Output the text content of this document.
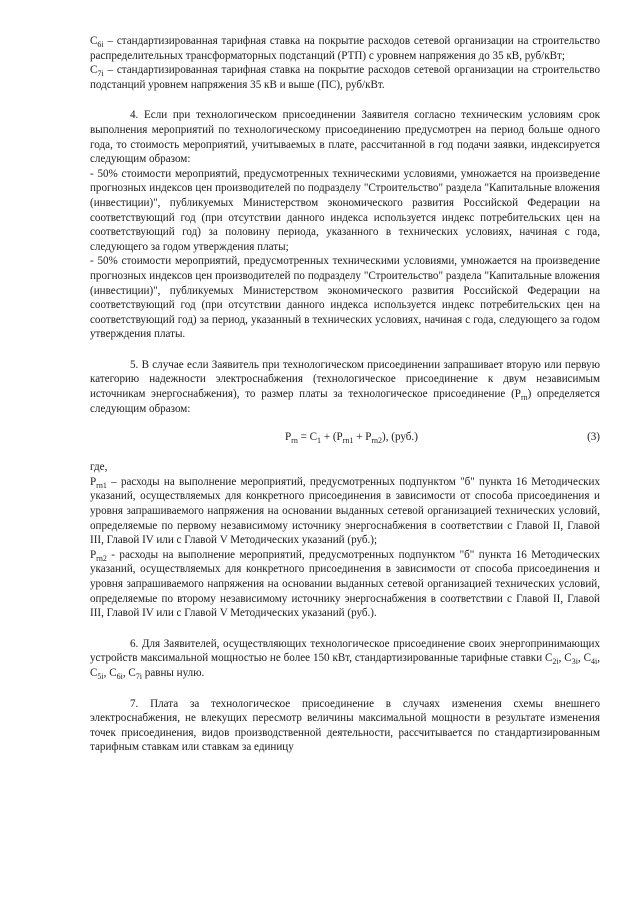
$C_{6i}$ – стандартизированная тарифная ставка на покрытие расходов сетевой организации на строительство распределительных трансформаторных подстанций (РТП) с уровнем напряжения до 35 кВ, руб/кВт;

$C_{7i}$ – стандартизированная тарифная ставка на покрытие расходов сетевой организации на строительство подстанций уровнем напряжения 35 кВ и выше (ПС), руб/кВт.

4. Если при технологическом присоединении Заявителя согласно техническим условиям срок выполнения мероприятий по технологическому присоединению предусмотрен на период больше одного года, то стоимость мероприятий, учитываемых в плате, рассчитанной в год подачи заявки, индексируется следующим образом:

- 50% стоимости мероприятий, предусмотренных техническими условиями, умножается на произведение прогнозных индексов цен производителей по подразделу "Строительство" раздела "Капитальные вложения (инвестиции)", публикуемых Министерством экономического развития Российской Федерации на соответствующий год (при отсутствии данного индекса используется индекс потребительских цен на соответствующий год) за половину периода, указанного в технических условиях, начиная с года, следующего за годом утверждения платы;

- 50% стоимости мероприятий, предусмотренных техническими условиями, умножается на произведение прогнозных индексов цен производителей по подразделу "Строительство" раздела "Капитальные вложения (инвестиции)", публикуемых Министерством экономического развития Российской Федерации на соответствующий год (при отсутствии данного индекса используется индекс потребительских цен на соответствующий год) за период, указанный в технических условиях, начиная с года, следующего за годом утверждения платы.

5. В случае если Заявитель при технологическом присоединении запрашивает вторую или первую категорию надежности электроснабжения (технологическое присоединение к двум независимым источникам энергоснабжения), то размер платы за технологическое присоединение $(P_{rn})$ определяется следующим образом:

$P_{rn} = C_1 + (P_{rn1} + P_{rn2})$, (руб.)	(3)

где,

$P_{rn1}$ – расходы на выполнение мероприятий, предусмотренных подпунктом "б" пункта 16 Методических указаний, осуществляемых для конкретного присоединения в зависимости от способа присоединения и уровня запрашиваемого напряжения на основании выданных сетевой организацией технических условий, определяемые по первому независимому источнику энергоснабжения в соответствии с Главой II, Главой III, Главой IV или с Главой V Методических указаний (руб.);

$P_{rn2}$ - расходы на выполнение мероприятий, предусмотренных подпунктом "б" пункта 16 Методических указаний, осуществляемых для конкретного присоединения в зависимости от способа присоединения и уровня запрашиваемого напряжения на основании выданных сетевой организацией технических условий, определяемые по второму независимому источнику энергоснабжения в соответствии с Главой II, Главой III, Главой IV или с Главой V Методических указаний (руб.).

6. Для Заявителей, осуществляющих технологическое присоединение своих энергопринимающих устройств максимальной мощностью не более 150 кВт, стандартизированные тарифные ставки $C_{2i}$, $C_{3i}$, $C_{4i}$, $C_{5i}$, $C_{6i}$, $C_{7i}$ равны нулю.

7. Плата за технологическое присоединение в случаях изменения схемы внешнего электроснабжения, не влекущих пересмотр величины максимальной мощности в результате изменения точек присоединения, видов производственной деятельности, рассчитывается по стандартизированным тарифным ставкам или ставкам за единицу
